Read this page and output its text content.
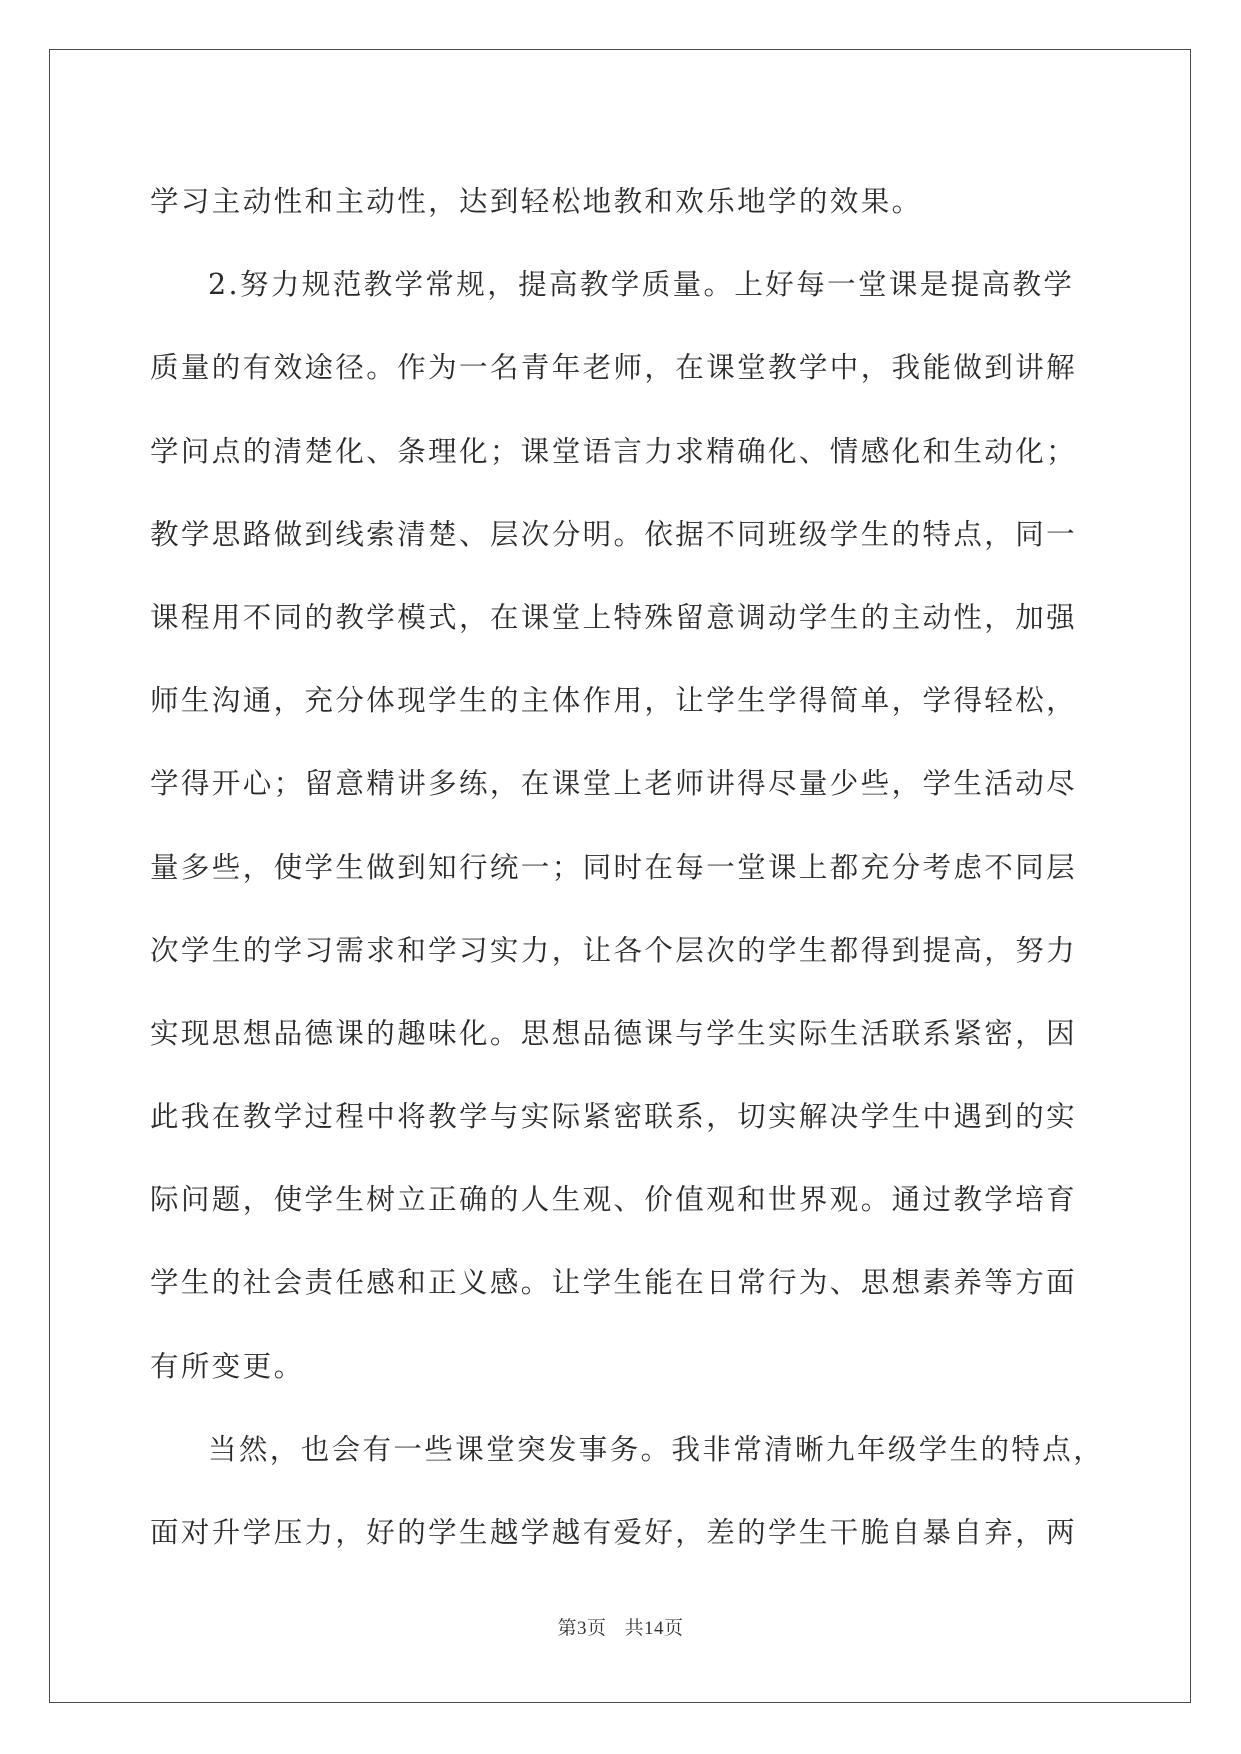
学习主动性和主动性，达到轻松地教和欢乐地学的效果。
2.努力规范教学常规，提高教学质量。上好每一堂课是提高教学
质量的有效途径。作为一名青年老师，在课堂教学中，我能做到讲解
学问点的清楚化、条理化；课堂语言力求精确化、情感化和生动化；
教学思路做到线索清楚、层次分明。依据不同班级学生的特点，同一
课程用不同的教学模式，在课堂上特殊留意调动学生的主动性，加强
师生沟通，充分体现学生的主体作用，让学生学得简单，学得轻松，
学得开心；留意精讲多练，在课堂上老师讲得尽量少些，学生活动尽
量多些，使学生做到知行统一；同时在每一堂课上都充分考虑不同层
次学生的学习需求和学习实力，让各个层次的学生都得到提高，努力
实现思想品德课的趣味化。思想品德课与学生实际生活联系紧密，因
此我在教学过程中将教学与实际紧密联系，切实解决学生中遇到的实
际问题，使学生树立正确的人生观、价值观和世界观。通过教学培育
学生的社会责任感和正义感。让学生能在日常行为、思想素养等方面
有所变更。
当然，也会有一些课堂突发事务。我非常清晰九年级学生的特点，
面对升学压力，好的学生越学越有爱好，差的学生干脆自暴自弃，两
第3页 共14页
